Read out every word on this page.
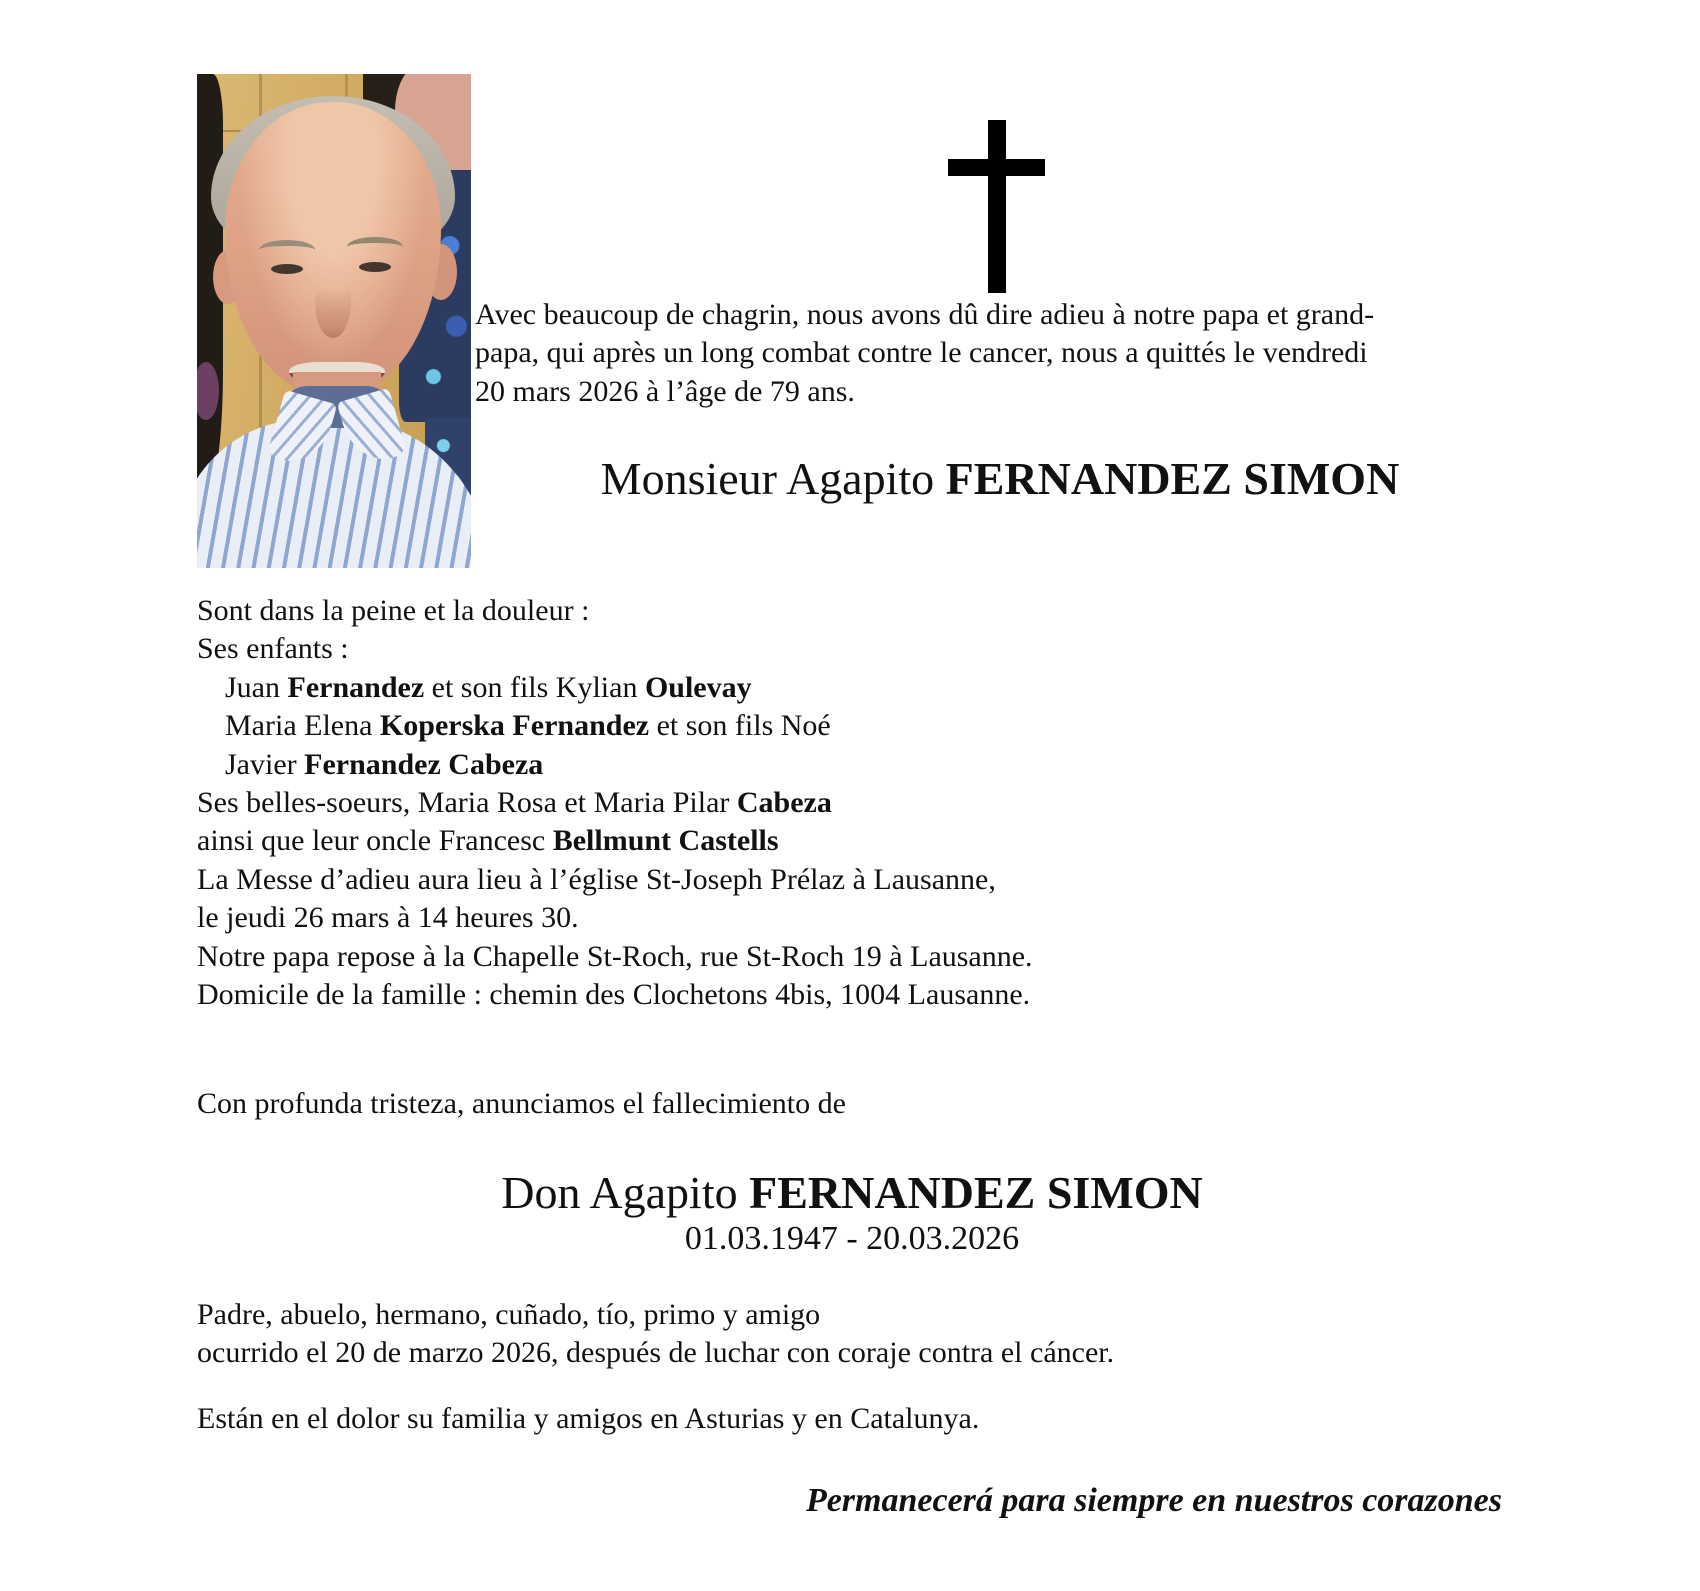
Avec beaucoup de chagrin, nous avons dû dire adieu à notre papa et grand-
papa, qui après un long combat contre le cancer, nous a quittés le vendredi
20 mars 2026 à l’âge de 79 ans.
Monsieur Agapito FERNANDEZ SIMON
Sont dans la peine et la douleur :
Ses enfants :
Juan Fernandez et son fils Kylian Oulevay
Maria Elena Koperska Fernandez et son fils Noé
Javier Fernandez Cabeza
Ses belles-soeurs, Maria Rosa et Maria Pilar Cabeza
ainsi que leur oncle Francesc Bellmunt Castells
La Messe d’adieu aura lieu à l’église St-Joseph Prélaz à Lausanne,
le jeudi 26 mars à 14 heures 30.
Notre papa repose à la Chapelle St-Roch, rue St-Roch 19 à Lausanne.
Domicile de la famille : chemin des Clochetons 4bis, 1004 Lausanne.
Con profunda tristeza, anunciamos el fallecimiento de
Don Agapito FERNANDEZ SIMON
01.03.1947 - 20.03.2026
Padre, abuelo, hermano, cuñado, tío, primo y amigo
ocurrido el 20 de marzo 2026, después de luchar con coraje contra el cáncer.
Están en el dolor su familia y amigos en Asturias y en Catalunya.
Permanecerá para siempre en nuestros corazones
